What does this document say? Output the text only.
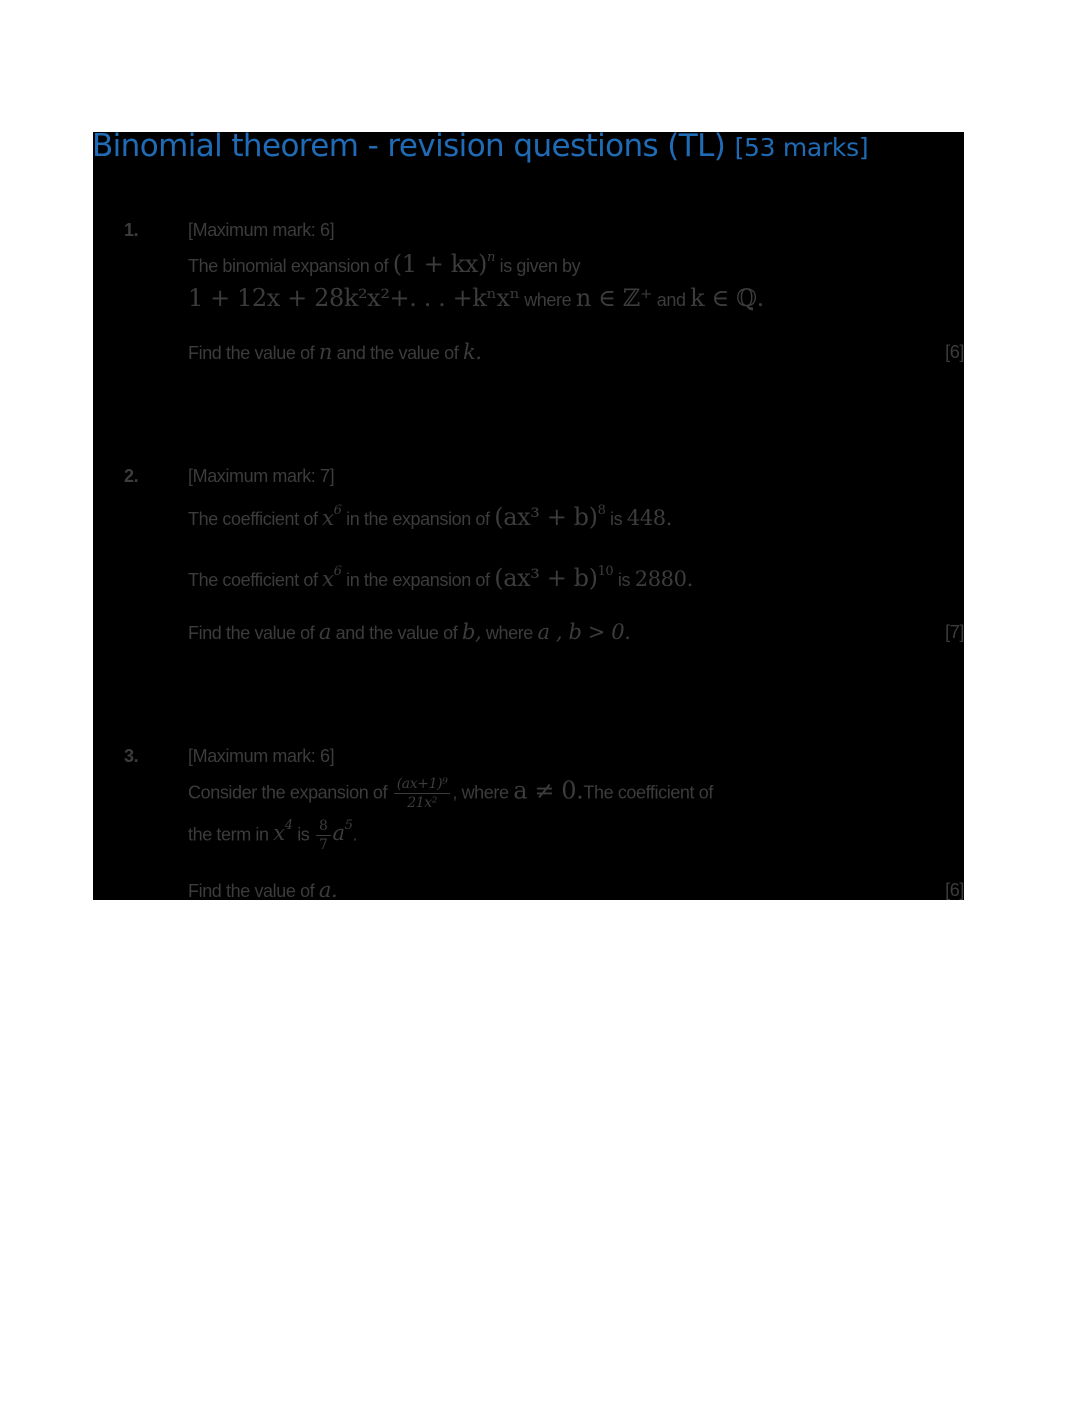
Binomial theorem - revision questions (TL) [53 marks]
1.	[Maximum mark: 6]
The binomial expansion of (1 + kx)$^n$ is given by
1 + 12x + 28k²x²+. . . +kⁿxⁿ where n ∈ ℤ⁺ and k ∈ ℚ.
Find the value of n and the value of k.	[6]
2.	[Maximum mark: 7]
The coefficient of $x^6$ in the expansion of $(ax^3 + b)^8$ is 448.
The coefficient of $x^6$ in the expansion of $(ax^3 + b)^{10}$ is 2880.
Find the value of a and the value of b, where a , b > 0.	[7]
3.	[Maximum mark: 6]
Consider the expansion of $\frac{\text{(ax+1)⁹}}{\text{21x²}}$ , where a ≠ 0.The coefficient of
the term in $x^4$ is $\frac{8}{7} a^5$.
Find the value of a.	[6]
